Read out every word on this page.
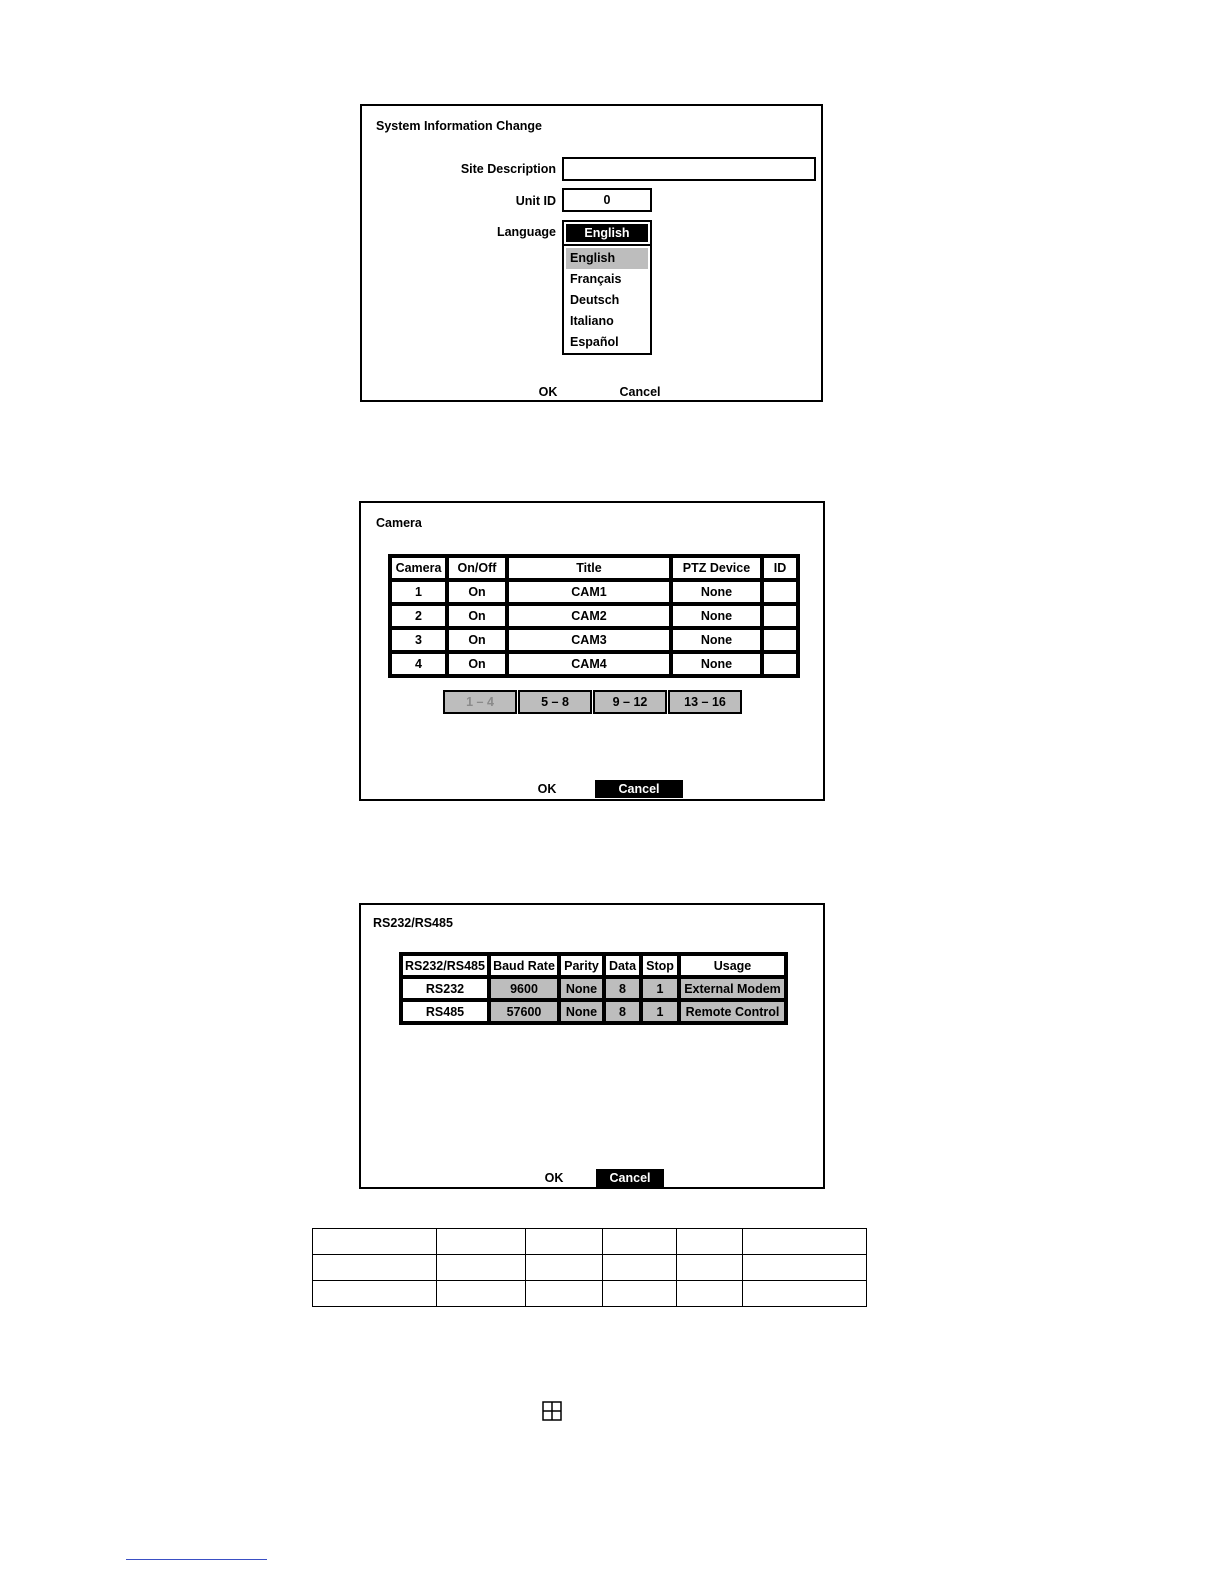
System Information Change
Site Description
Unit ID	0
Language	English
English
Français
Deutsch
Italiano
Español
OK	Cancel
Camera
Camera	On/Off	Title	PTZ Device	ID
1	On	CAM1	None	
2	On	CAM2	None	
3	On	CAM3	None	
4	On	CAM4	None	
1 – 4	5 – 8	9 – 12	13 – 16
OK	Cancel
RS232/RS485
RS232/RS485	Baud Rate	Parity	Data	Stop	Usage
RS232	9600	None	8	1	External Modem
RS485	57600	None	8	1	Remote Control
OK	Cancel
